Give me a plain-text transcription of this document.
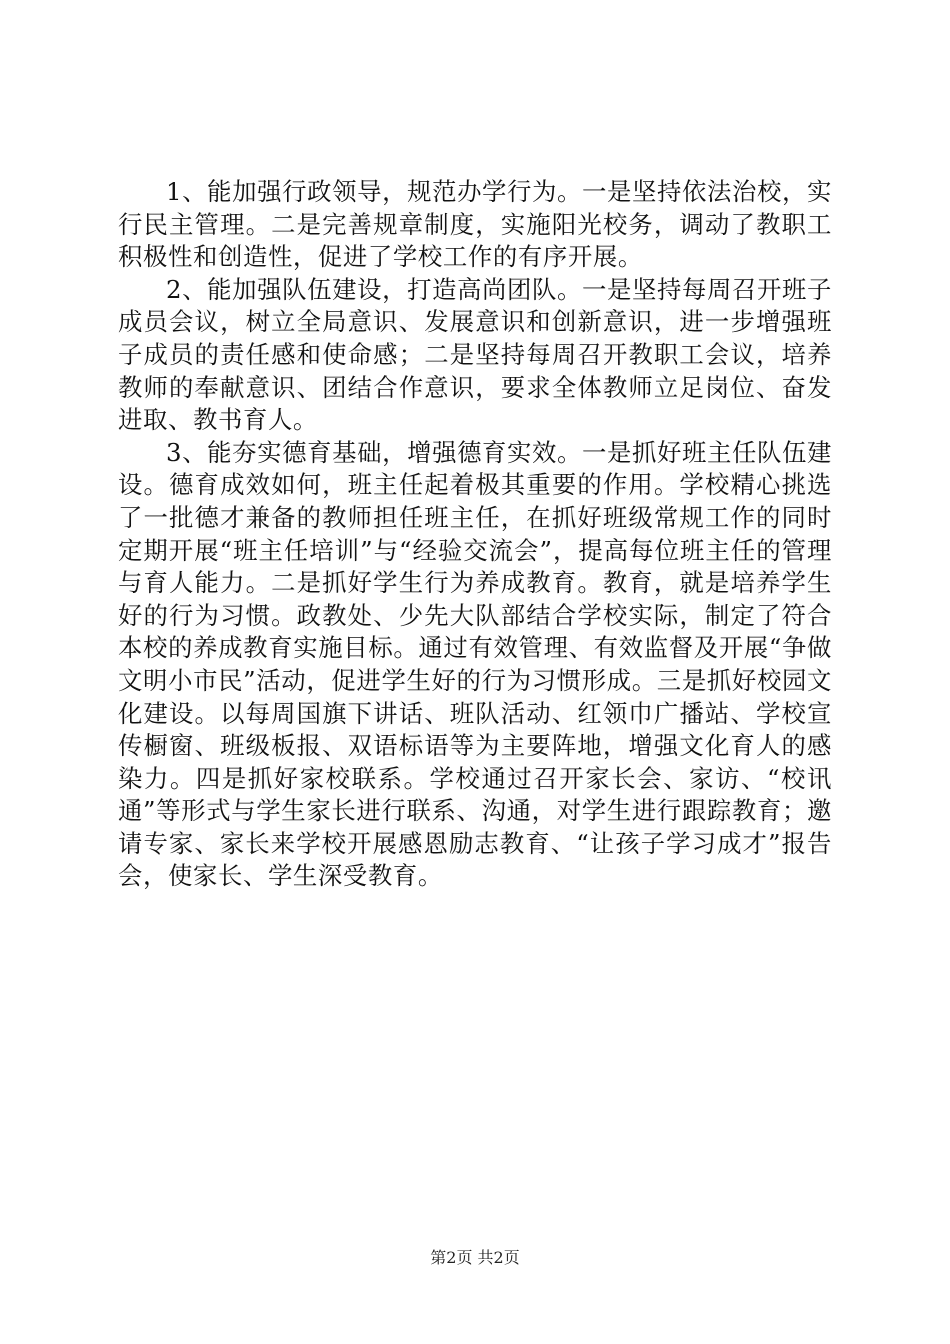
1、能加强行政领导，规范办学行为。一是坚持依法治校，实行民主管理。二是完善规章制度，实施阳光校务，调动了教职工积极性和创造性，促进了学校工作的有序开展。

2、能加强队伍建设，打造高尚团队。一是坚持每周召开班子成员会议，树立全局意识、发展意识和创新意识，进一步增强班子成员的责任感和使命感；二是坚持每周召开教职工会议，培养教师的奉献意识、团结合作意识，要求全体教师立足岗位、奋发进取、教书育人。

3、能夯实德育基础，增强德育实效。一是抓好班主任队伍建设。德育成效如何，班主任起着极其重要的作用。学校精心挑选了一批德才兼备的教师担任班主任，在抓好班级常规工作的同时定期开展“班主任培训”与“经验交流会”，提高每位班主任的管理与育人能力。二是抓好学生行为养成教育。教育，就是培养学生好的行为习惯。政教处、少先大队部结合学校实际，制定了符合本校的养成教育实施目标。通过有效管理、有效监督及开展“争做文明小市民”活动，促进学生好的行为习惯形成。三是抓好校园文化建设。以每周国旗下讲话、班队活动、红领巾广播站、学校宣传橱窗、班级板报、双语标语等为主要阵地，增强文化育人的感染力。四是抓好家校联系。学校通过召开家长会、家访、“校讯通”等形式与学生家长进行联系、沟通，对学生进行跟踪教育；邀请专家、家长来学校开展感恩励志教育、“让孩子学习成才”报告会，使家长、学生深受教育。

第2页 共2页
